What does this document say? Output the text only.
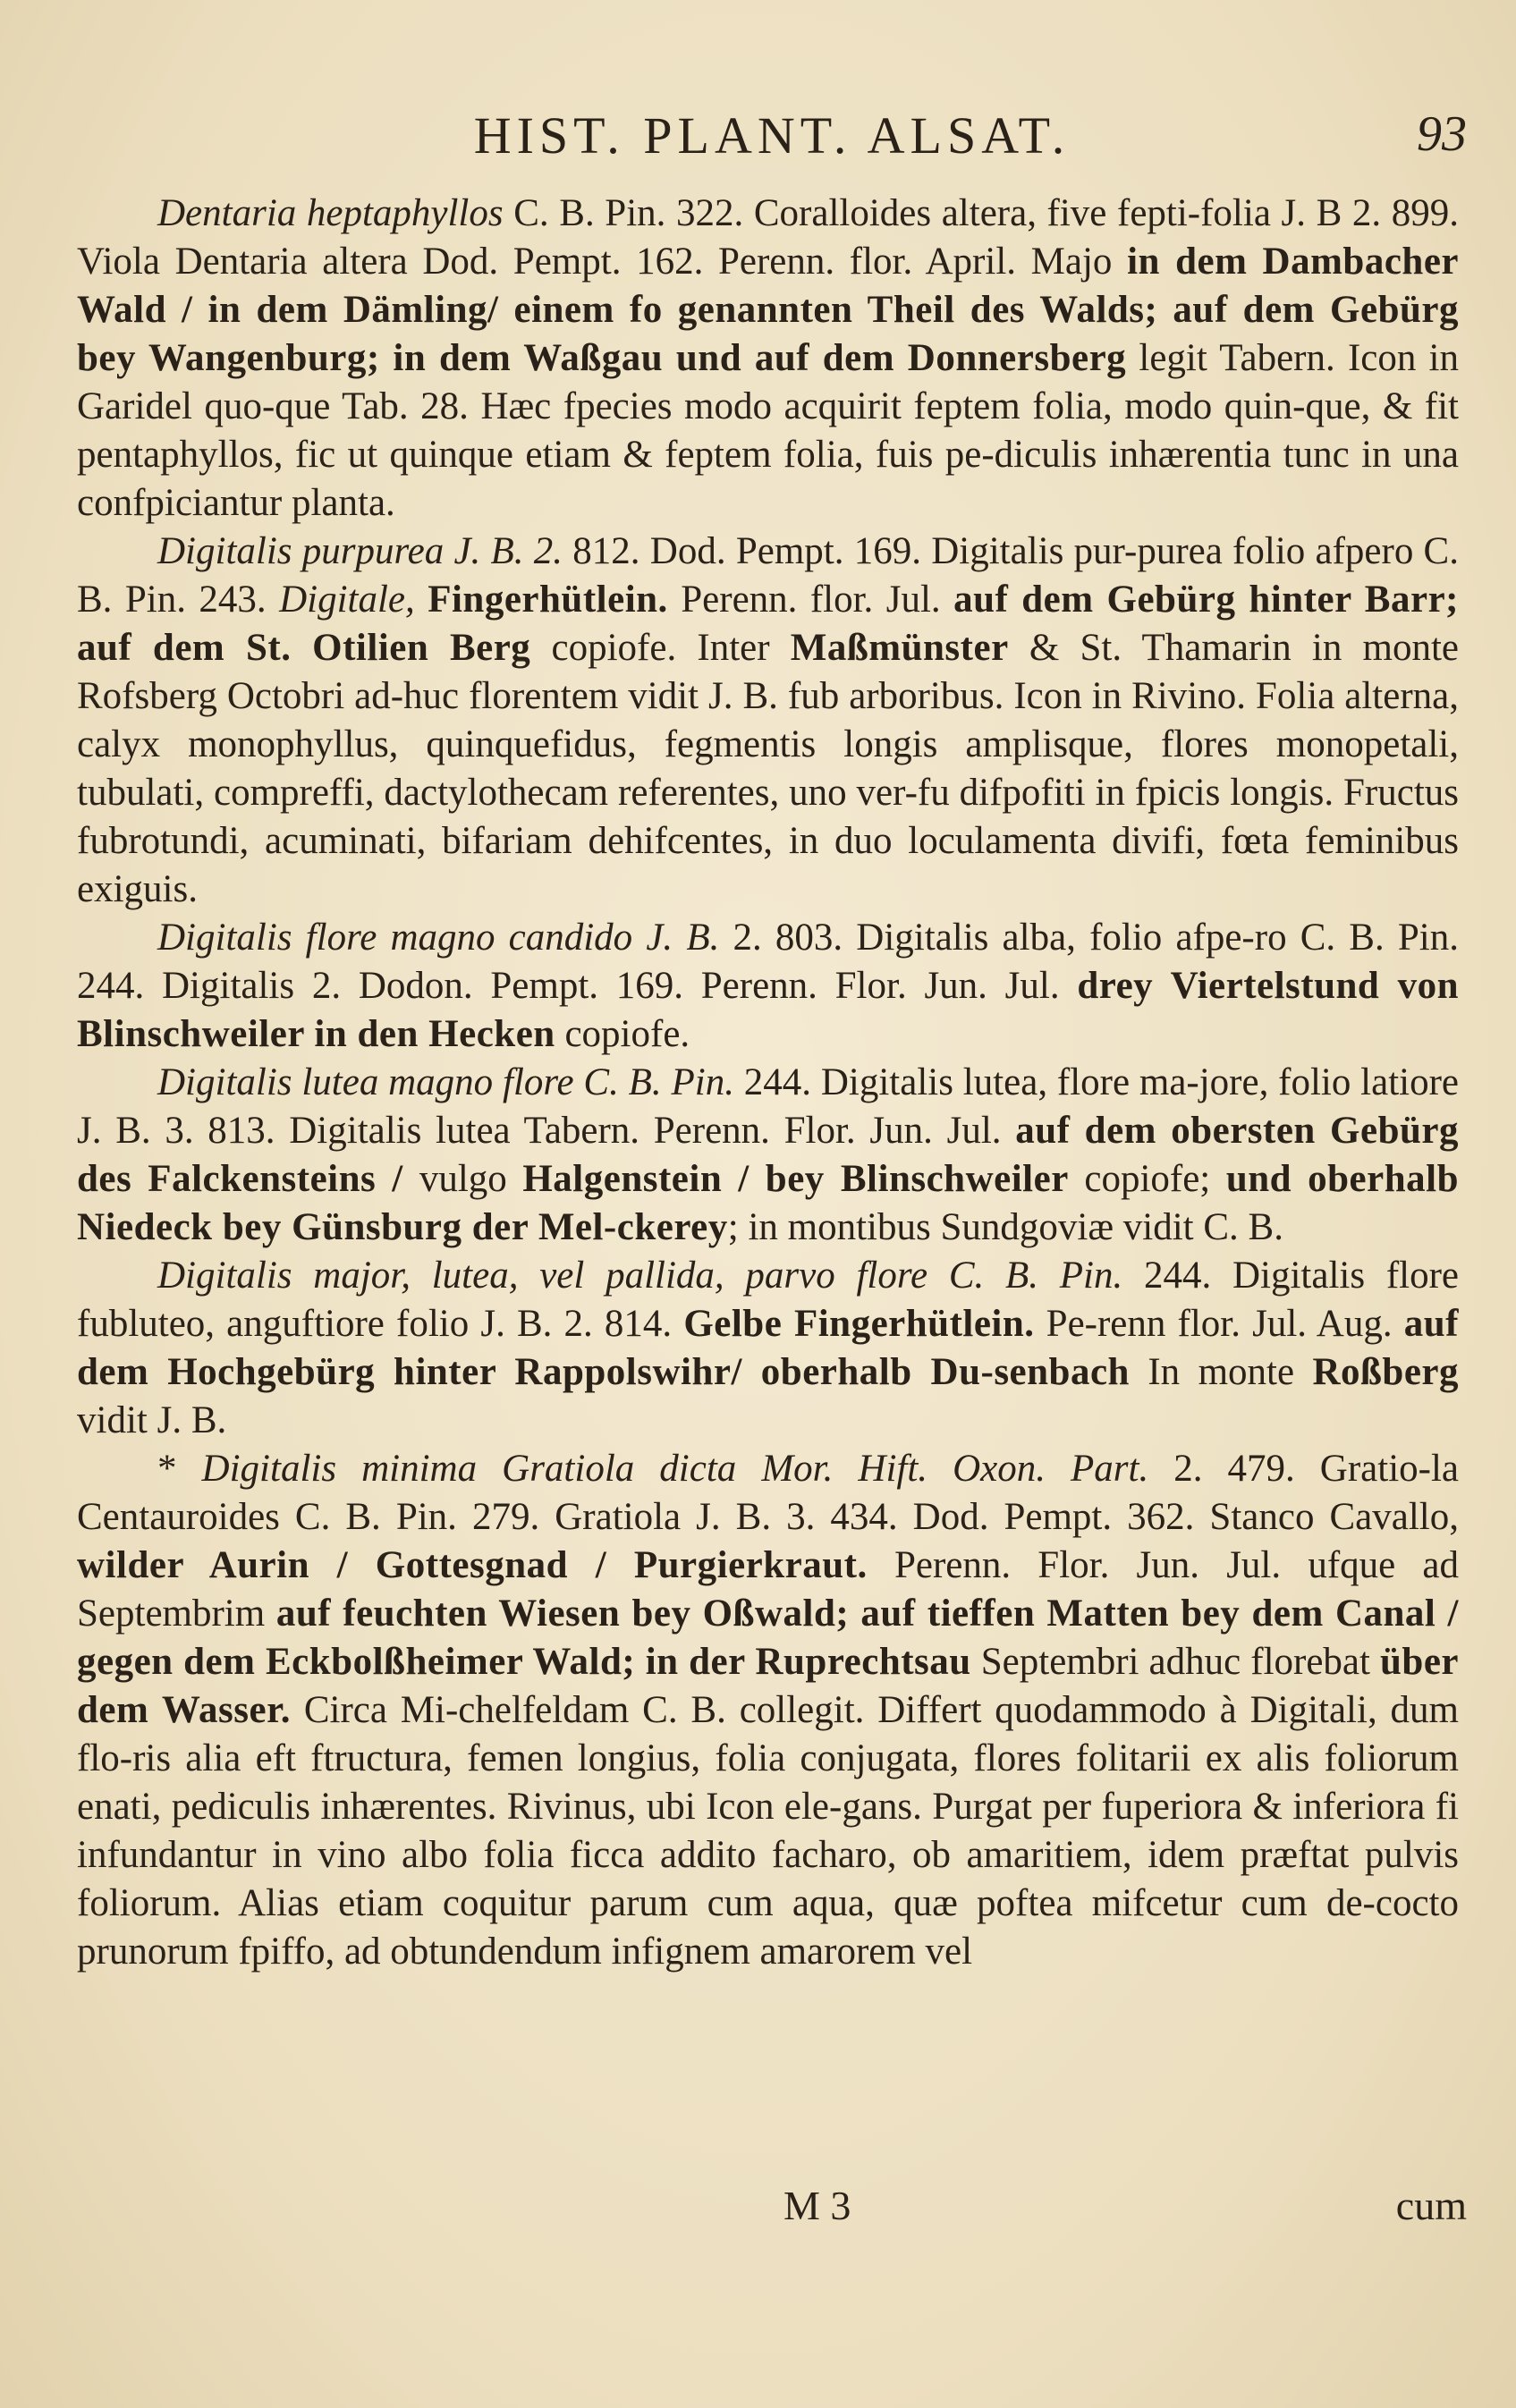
HIST. PLANT. ALSAT.	93

Dentaria heptaphyllos C. B. Pin. 322. Coralloides altera, five fepti-folia J. B 2. 899. Viola Dentaria altera Dod. Pempt. 162. Perenn. flor. April. Majo in dem Dambacher Wald / in dem Dämling/ einem fo genannten Theil des Walds; auf dem Gebürg bey Wangenburg; in dem Waßgau und auf dem Donnersberg legit Tabern. Icon in Garidel quo-que Tab. 28. Hæc fpecies modo acquirit feptem folia, modo quin-que, & fit pentaphyllos, fic ut quinque etiam & feptem folia, fuis pe-diculis inhærentia tunc in una confpiciantur planta.

Digitalis purpurea J. B. 2. 812. Dod. Pempt. 169. Digitalis pur-purea folio afpero C. B. Pin. 243. Digitale, Fingerhütlein. Perenn. flor. Jul. auf dem Gebürg hinter Barr; auf dem St. Otilien Berg copiofe. Inter Maßmünster & St. Thamarin in monte Rofsberg Octobri ad-huc florentem vidit J. B. fub arboribus. Icon in Rivino. Folia alterna, calyx monophyllus, quinquefidus, fegmentis longis amplisque, flores monopetali, tubulati, compreffi, dactylothecam referentes, uno ver-fu difpofiti in fpicis longis. Fructus fubrotundi, acuminati, bifariam dehifcentes, in duo loculamenta divifi, fœta feminibus exiguis.

Digitalis flore magno candido J. B. 2. 803. Digitalis alba, folio afpe-ro C. B. Pin. 244. Digitalis 2. Dodon. Pempt. 169. Perenn. Flor. Jun. Jul. drey Viertelstund von Blinschweiler in den Hecken copiofe.

Digitalis lutea magno flore C. B. Pin. 244. Digitalis lutea, flore ma-jore, folio latiore J. B. 3. 813. Digitalis lutea Tabern. Perenn. Flor. Jun. Jul. auf dem obersten Gebürg des Falckensteins / vulgo Halgenstein / bey Blinschweiler copiofe; und oberhalb Niedeck bey Günsburg der Mel-ckerey; in montibus Sundgoviæ vidit C. B.

Digitalis major, lutea, vel pallida, parvo flore C. B. Pin. 244. Digitalis flore fubluteo, anguftiore folio J. B. 2. 814. Gelbe Fingerhütlein. Pe-renn flor. Jul. Aug. auf dem Hochgebürg hinter Rappolswihr/ oberhalb Du-senbach In monte Roßberg vidit J. B.

* Digitalis minima Gratiola dicta Mor. Hift. Oxon. Part. 2. 479. Gratio-la Centauroides C. B. Pin. 279. Gratiola J. B. 3. 434. Dod. Pempt. 362. Stanco Cavallo, wilder Aurin / Gottesgnad / Purgierkraut. Perenn. Flor. Jun. Jul. ufque ad Septembrim auf feuchten Wiesen bey Oßwald; auf tieffen Matten bey dem Canal / gegen dem Eckbolßheimer Wald; in der Ruprechtsau Septembri adhuc florebat über dem Wasser. Circa Mi-chelfeldam C. B. collegit. Differt quodammodo à Digitali, dum flo-ris alia eft ftructura, femen longius, folia conjugata, flores folitarii ex alis foliorum enati, pediculis inhærentes. Rivinus, ubi Icon ele-gans. Purgat per fuperiora & inferiora fi infundantur in vino albo folia ficca addito facharo, ob amaritiem, idem præftat pulvis foliorum. Alias etiam coquitur parum cum aqua, quæ poftea mifcetur cum de-cocto prunorum fpiffo, ad obtundendum infignem amarorem vel

M 3	cum
